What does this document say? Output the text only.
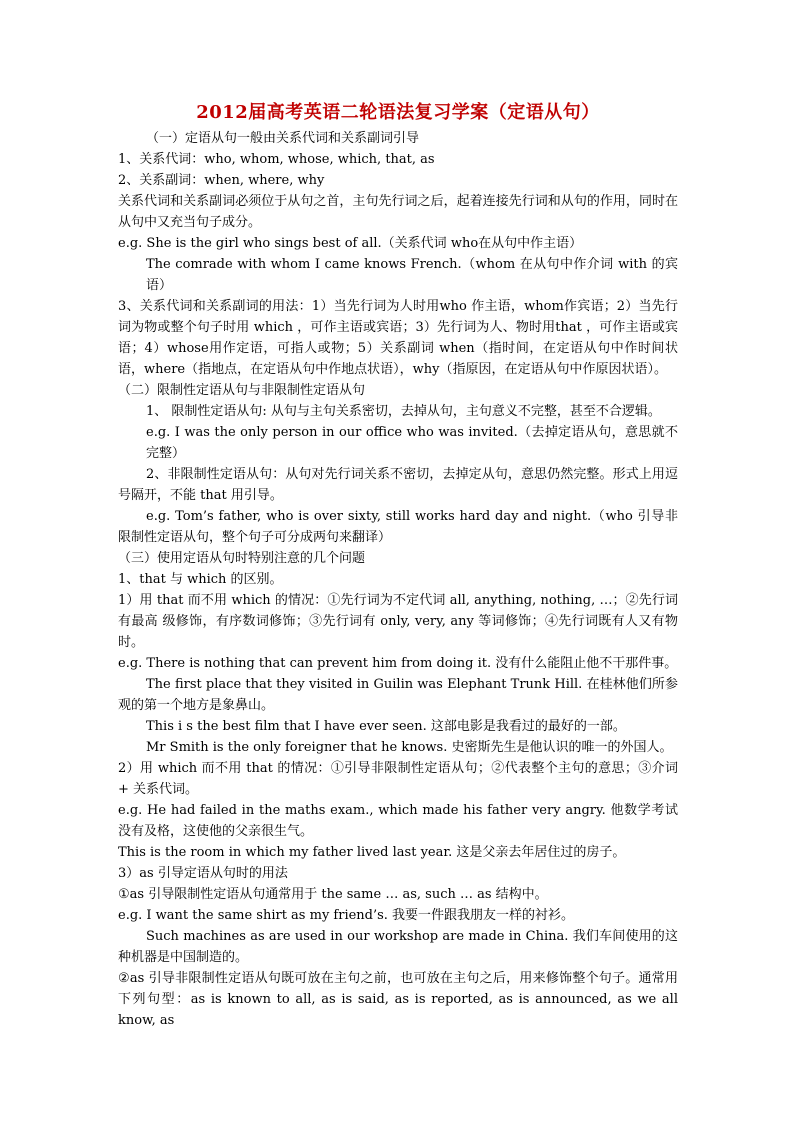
2012届高考英语二轮语法复习学案（定语从句）

（一）定语从句一般由关系代词和关系副词引导

1、关系代词：who, whom, whose, which, that, as

2、关系副词：when, where, why

关系代词和关系副词必须位于从句之首，主句先行词之后，起着连接先行词和从句的作用，同时在从句中又充当句子成分。

e.g. She is the girl who sings best of all.（关系代词 who在从句中作主语）

The comrade with whom I came knows French.（whom 在从句中作介词 with 的宾语）

3、关系代词和关系副词的用法：1）当先行词为人时用who 作主语，whom作宾语；2）当先行词为物或整个句子时用 which ，可作主语或宾语；3）先行词为人、物时用that ，可作主语或宾语；4）whose用作定语，可指人或物；5）关系副词 when（指时间，在定语从句中作时间状语，where（指地点，在定语从句中作地点状语），why（指原因，在定语从句中作原因状语）。

（二）限制性定语从句与非限制性定语从句

1、 限制性定语从句: 从句与主句关系密切，去掉从句，主句意义不完整，甚至不合逻辑。

e.g. I was the only person in our office who was invited.（去掉定语从句，意思就不完整）

2、非限制性定语从句：从句对先行词关系不密切，去掉定从句，意思仍然完整。形式上用逗号隔开，不能 that 用引导。

e.g. Tom’s father, who is over sixty, still works hard day and night.（who 引导非限制性定语从句，整个句子可分成两句来翻译）

（三）使用定语从句时特别注意的几个问题

1、that 与 which 的区别。

1）用 that 而不用 which 的情况：①先行词为不定代词 all, anything, nothing, …；②先行词有最高 级修饰，有序数词修饰；③先行词有 only, very, any 等词修饰；④先行词既有人又有物时。

e.g. There is nothing that can prevent him from doing it. 没有什么能阻止他不干那件事。

The first place that they visited in Guilin was Elephant Trunk Hill. 在桂林他们所参观的第一个地方是象鼻山。

This i s the best film that I have ever seen. 这部电影是我看过的最好的一部。

Mr Smith is the only foreigner that he knows. 史密斯先生是他认识的唯一的外国人。

2）用 which 而不用 that 的情况：①引导非限制性定语从句；②代表整个主句的意思；③介词 + 关系代词。

e.g. He had failed in the maths exam., which made his father very angry. 他数学考试没有及格，这使他的父亲很生气。

This is the room in which my father lived last year. 这是父亲去年居住过的房子。

3）as 引导定语从句时的用法

①as 引导限制性定语从句通常用于 the same … as, such … as 结构中。

e.g. I want the same shirt as my friend’s. 我要一件跟我朋友一样的衬衫。

Such machines as are used in our workshop are made in China. 我们车间使用的这种机器是中国制造的。

②as 引导非限制性定语从句既可放在主句之前，也可放在主句之后，用来修饰整个句子。通常用下列句型：as is known to all, as is said, as is reported, as is announced, as we all know, as
